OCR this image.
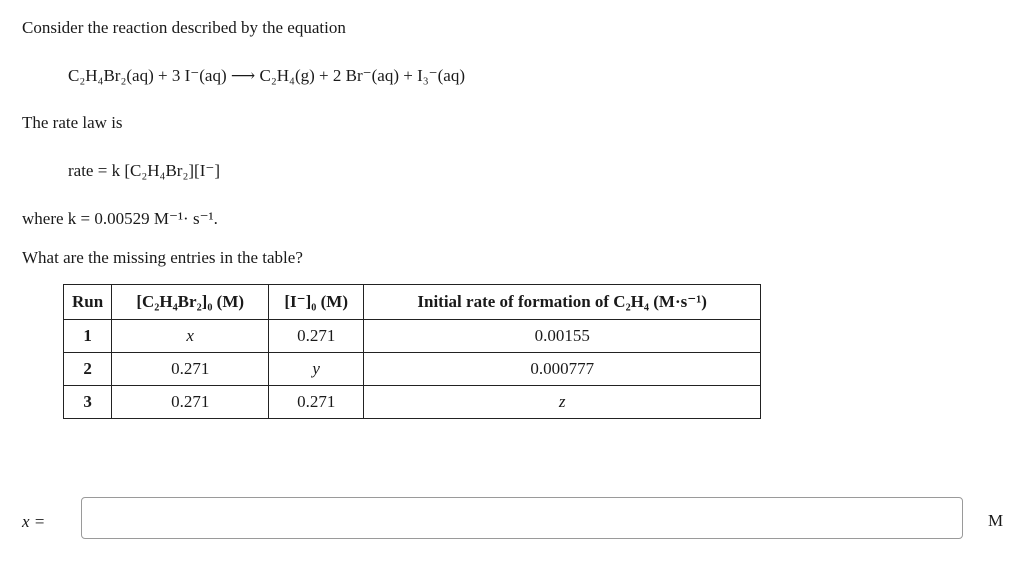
Consider the reaction described by the equation
C₂H₄Br₂(aq) + 3 I⁻(aq) ⟶ C₂H₄(g) + 2 Br⁻(aq) + I₃⁻(aq)
The rate law is
rate = k [C₂H₄Br₂][I⁻]
where k = 0.00529 M⁻¹· s⁻¹.
What are the missing entries in the table?
Run	[C₂H₄Br₂]₀ (M)	[I⁻]₀ (M)	Initial rate of formation of C₂H₄ (M·s⁻¹)
1	x	0.271	0.00155
2	0.271	y	0.000777
3	0.271	0.271	z
x =	M
